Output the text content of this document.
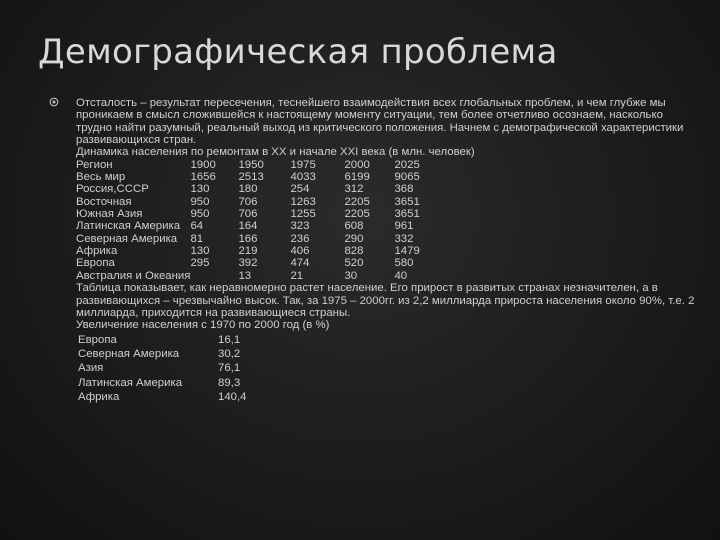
Демографическая проблема

Отсталость – результат пересечения, теснейшего взаимодействия всех глобальных проблем, и чем глубже мы проникаем в смысл сложившейся к настоящему моменту ситуации, тем более отчетливо осознаем, насколько трудно найти разумный, реальный выход из критического положения. Начнем с демографической характеристики развивающихся стран.

Динамика населения по ремонтам в XX и начале XXI века (в млн. человек)

Регион	1900	1950	1975	2000	2025
Весь мир	1656	2513	4033	6199	9065
Россия,СССР	130	180	254	312	368
Восточная	950	706	1263	2205	3651
Южная Азия	950	706	1255	2205	3651
Латинская Америка	64	164	323	608	961
Северная Америка	81	166	236	290	332
Африка	130	219	406	828	1479
Европа	295	392	474	520	580
Австралия и Океания		13	21	30	40

Таблица показывает, как неравномерно растет население. Его прирост в развитых странах незначителен, а в развивающихся – чрезвычайно высок. Так, за 1975 – 2000гг. из 2,2 миллиарда прироста населения около 90%, т.е. 2 миллиарда, приходится на развивающиеся страны.

Увеличение населения с 1970 по 2000 год (в %)

Европа	16,1
Северная Америка	30,2
Азия	76,1
Латинская Америка	89,3
Африка	140,4
